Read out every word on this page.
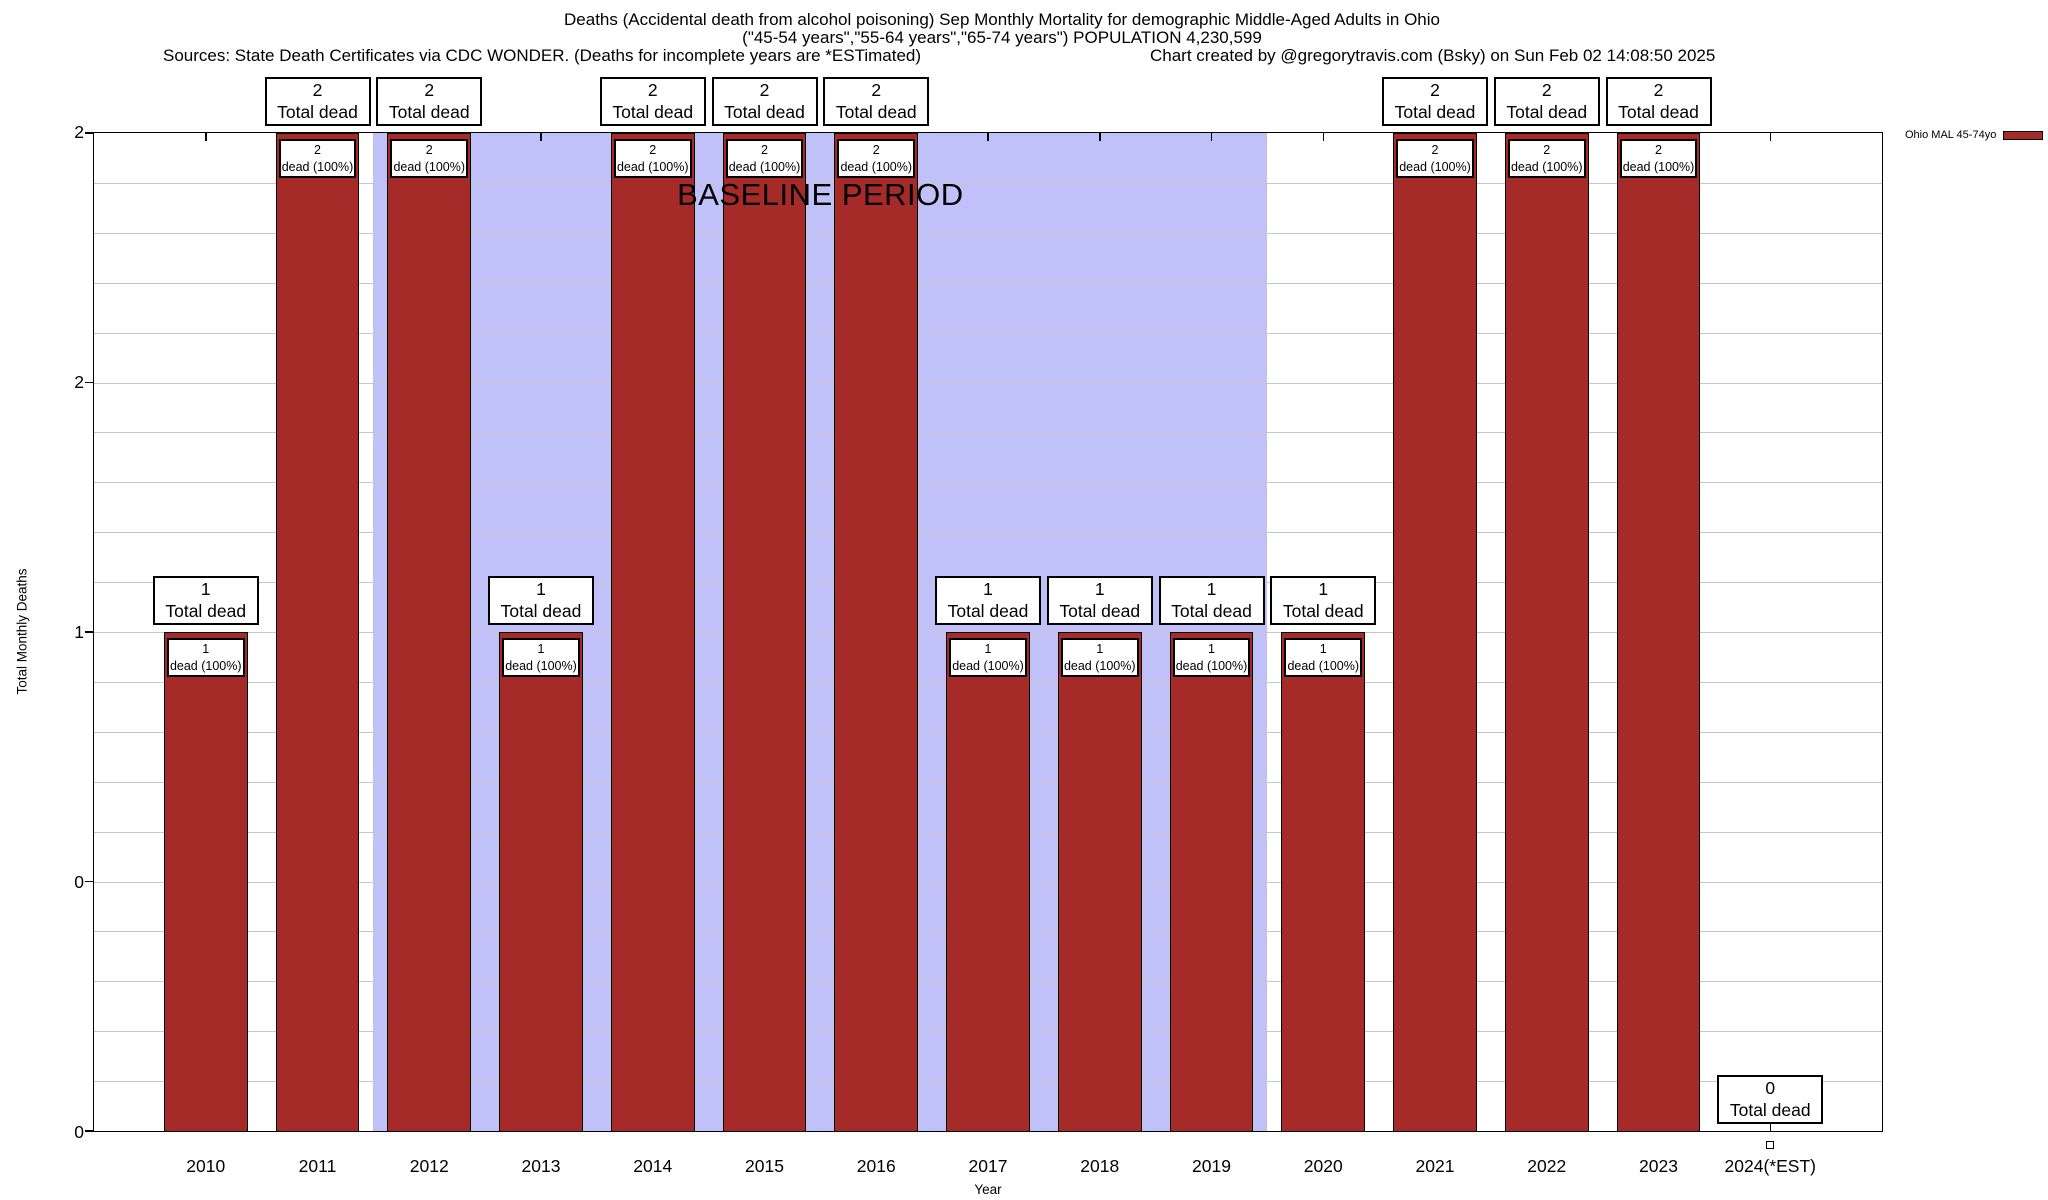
Deaths (Accidental death from alcohol poisoning) Sep Monthly Mortality for demographic Middle-Aged Adults in Ohio
("45-54 years","55-64 years","65-74 years") POPULATION 4,230,599
Sources: State Death Certificates via CDC WONDER. (Deaths for incomplete years are *ESTimated)	Chart created by @gregorytravis.com (Bsky) on Sun Feb 02 14:08:50 2025
Ohio MAL 45-74yo
Total Monthly Deaths
2
2
1
0
0
1
dead (100%)
1
Total dead
2010
2
dead (100%)
2
Total dead
2011
2
dead (100%)
2
Total dead
2012
1
dead (100%)
1
Total dead
2013
2
dead (100%)
2
Total dead
2014
2
dead (100%)
2
Total dead
2015
2
dead (100%)
2
Total dead
2016
1
dead (100%)
1
Total dead
2017
1
dead (100%)
1
Total dead
2018
1
dead (100%)
1
Total dead
2019
1
dead (100%)
1
Total dead
2020
2
dead (100%)
2
Total dead
2021
2
dead (100%)
2
Total dead
2022
2
dead (100%)
2
Total dead
2023
0
Total dead
2024(*EST)
BASELINE PERIOD
Year
